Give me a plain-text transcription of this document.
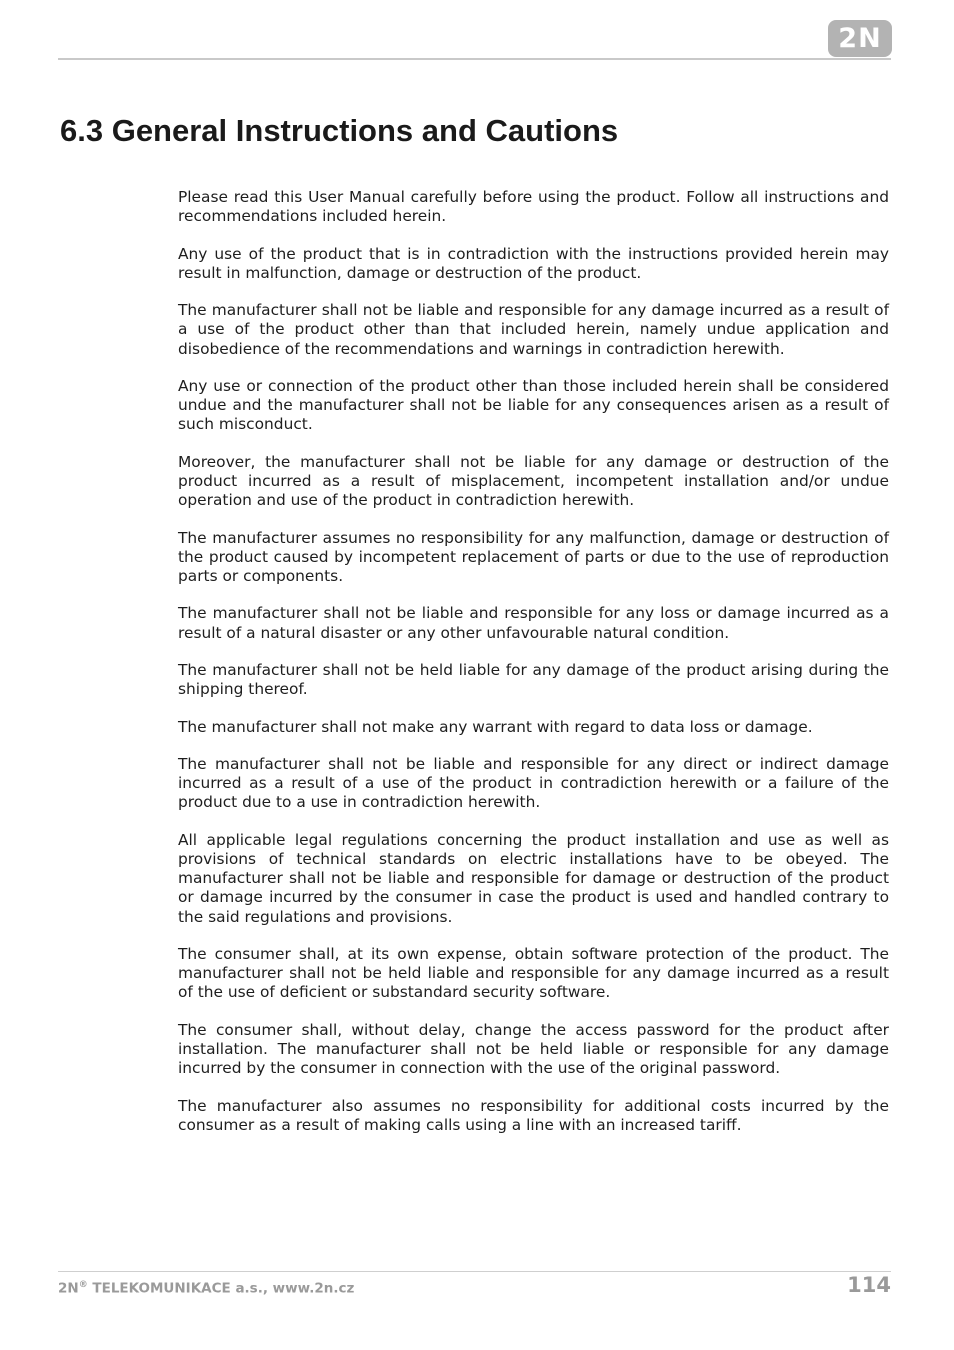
2N
6.3 General Instructions and Cautions

Please read this User Manual carefully before using the product. Follow all instructions and recommendations included herein.

Any use of the product that is in contradiction with the instructions provided herein may result in malfunction, damage or destruction of the product.

The manufacturer shall not be liable and responsible for any damage incurred as a result of a use of the product other than that included herein, namely undue application and disobedience of the recommendations and warnings in contradiction herewith.

Any use or connection of the product other than those included herein shall be considered undue and the manufacturer shall not be liable for any consequences arisen as a result of such misconduct.

Moreover, the manufacturer shall not be liable for any damage or destruction of the product incurred as a result of misplacement, incompetent installation and/or undue operation and use of the product in contradiction herewith.

The manufacturer assumes no responsibility for any malfunction, damage or destruction of the product caused by incompetent replacement of parts or due to the use of reproduction parts or components.

The manufacturer shall not be liable and responsible for any loss or damage incurred as a result of a natural disaster or any other unfavourable natural condition.

The manufacturer shall not be held liable for any damage of the product arising during the shipping thereof.

The manufacturer shall not make any warrant with regard to data loss or damage.

The manufacturer shall not be liable and responsible for any direct or indirect damage incurred as a result of a use of the product in contradiction herewith or a failure of the product due to a use in contradiction herewith.

All applicable legal regulations concerning the product installation and use as well as provisions of technical standards on electric installations have to be obeyed. The manufacturer shall not be liable and responsible for damage or destruction of the product or damage incurred by the consumer in case the product is used and handled contrary to the said regulations and provisions.

The consumer shall, at its own expense, obtain software protection of the product. The manufacturer shall not be held liable and responsible for any damage incurred as a result of the use of deficient or substandard security software.

The consumer shall, without delay, change the access password for the product after installation. The manufacturer shall not be held liable or responsible for any damage incurred by the consumer in connection with the use of the original password.

The manufacturer also assumes no responsibility for additional costs incurred by the consumer as a result of making calls using a line with an increased tariff.

2N® TELEKOMUNIKACE a.s., www.2n.cz	114
